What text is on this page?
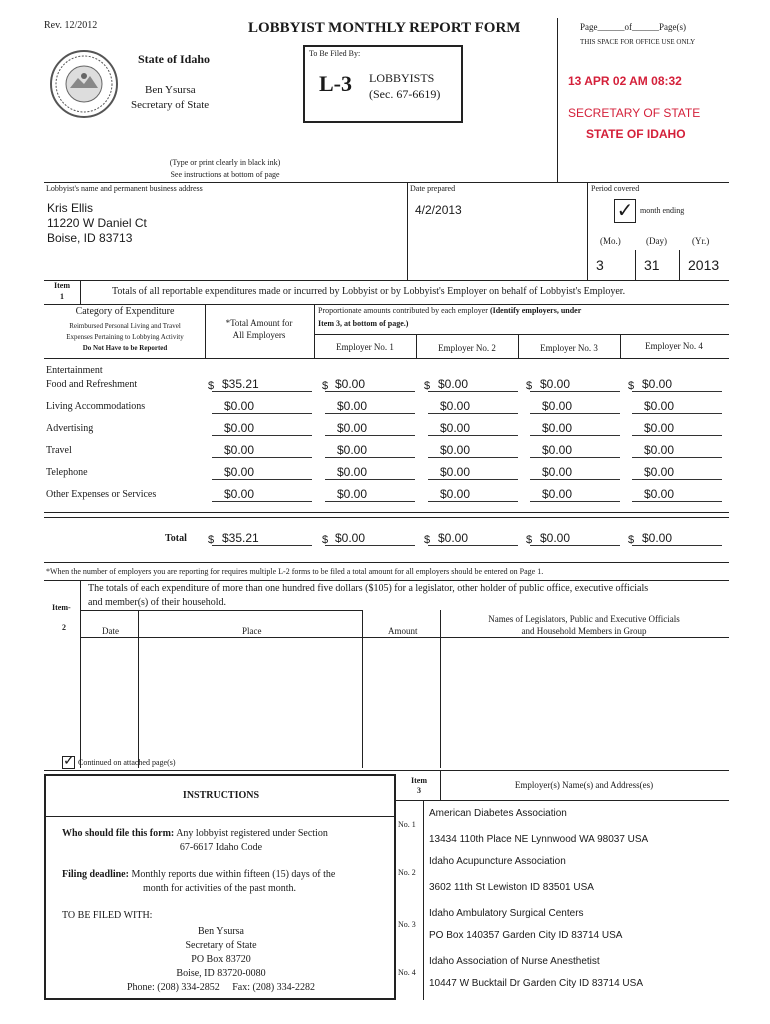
Rev. 12/2012	LOBBYIST MONTHLY REPORT FORM	Page______of______Page(s)
THIS SPACE FOR OFFICE USE ONLY
State of Idaho
Ben Ysursa
Secretary of State
To Be Filed By:
L-3 LOBBYISTS
(Sec. 67-6619)
13 APR 02 AM 08:32
SECRETARY OF STATE
STATE OF IDAHO
(Type or print clearly in black ink)
See instructions at bottom of page
Lobbyist's name and permanent business address
Kris Ellis
11220 W Daniel Ct
Boise, ID 83713
Date prepared
4/2/2013
Period covered
✓ month ending
(Mo.)	(Day)	(Yr.)
3	31 2013
Item
1	Totals of all reportable expenditures made or incurred by Lobbyist or by Lobbyist's Employer on behalf of Lobbyist's Employer.
Category of Expenditure
Reimbursed Personal Living and Travel
Expenses Pertaining to Lobbying Activity
Do Not Have to be Reported
*Total Amount for
All Employers
Proportionate amounts contributed by each employer (Identify employers, under
Item 3, at bottom of page.)
Employer No. 1	Employer No. 2	Employer No. 3	Employer No. 4
Entertainment
Food and Refreshment	$ $35.21	$ $0.00	$ $0.00	$ $0.00	$ $0.00
Living Accommodations	$0.00	$0.00	$0.00	$0.00	$0.00
Advertising	$0.00	$0.00	$0.00	$0.00	$0.00
Travel	$0.00	$0.00	$0.00	$0.00	$0.00
Telephone	$0.00	$0.00	$0.00	$0.00	$0.00
Other Expenses or Services	$0.00	$0.00	$0.00	$0.00	$0.00
Total $ $35.21	$ $0.00	$ $0.00	$ $0.00	$ $0.00
*When the number of employers you are reporting for requires multiple L-2 forms to be filed a total amount for all employers should be entered on Page 1.
Item-
2
The totals of each expenditure of more than one hundred five dollars ($105) for a legislator, other holder of public office, executive officials
and member(s) of their household.
Date	Place	Amount
Names of Legislators, Public and Executive Officials
and Household Members in Group
✓ Continued on attached page(s)
INSTRUCTIONS
Who should file this form: Any lobbyist registered under Section
67-6617 Idaho Code
Filing deadline: Monthly reports due within fifteen (15) days of the
month for activities of the past month.
TO BE FILED WITH:
Ben Ysursa
Secretary of State
PO Box 83720
Boise, ID 83720-0080
Phone: (208) 334-2852     Fax: (208) 334-2282
Item
3
Employer(s) Name(s) and Address(es)
No. 1
American Diabetes Association
13434 110th Place NE Lynnwood WA 98037 USA
No. 2
Idaho Acupuncture Association
3602 11th St Lewiston ID 83501 USA
No. 3
Idaho Ambulatory Surgical Centers
PO Box 140357 Garden City ID 83714 USA
No. 4
Idaho Association of Nurse Anesthetist
10447 W Bucktail Dr Garden City ID 83714 USA
